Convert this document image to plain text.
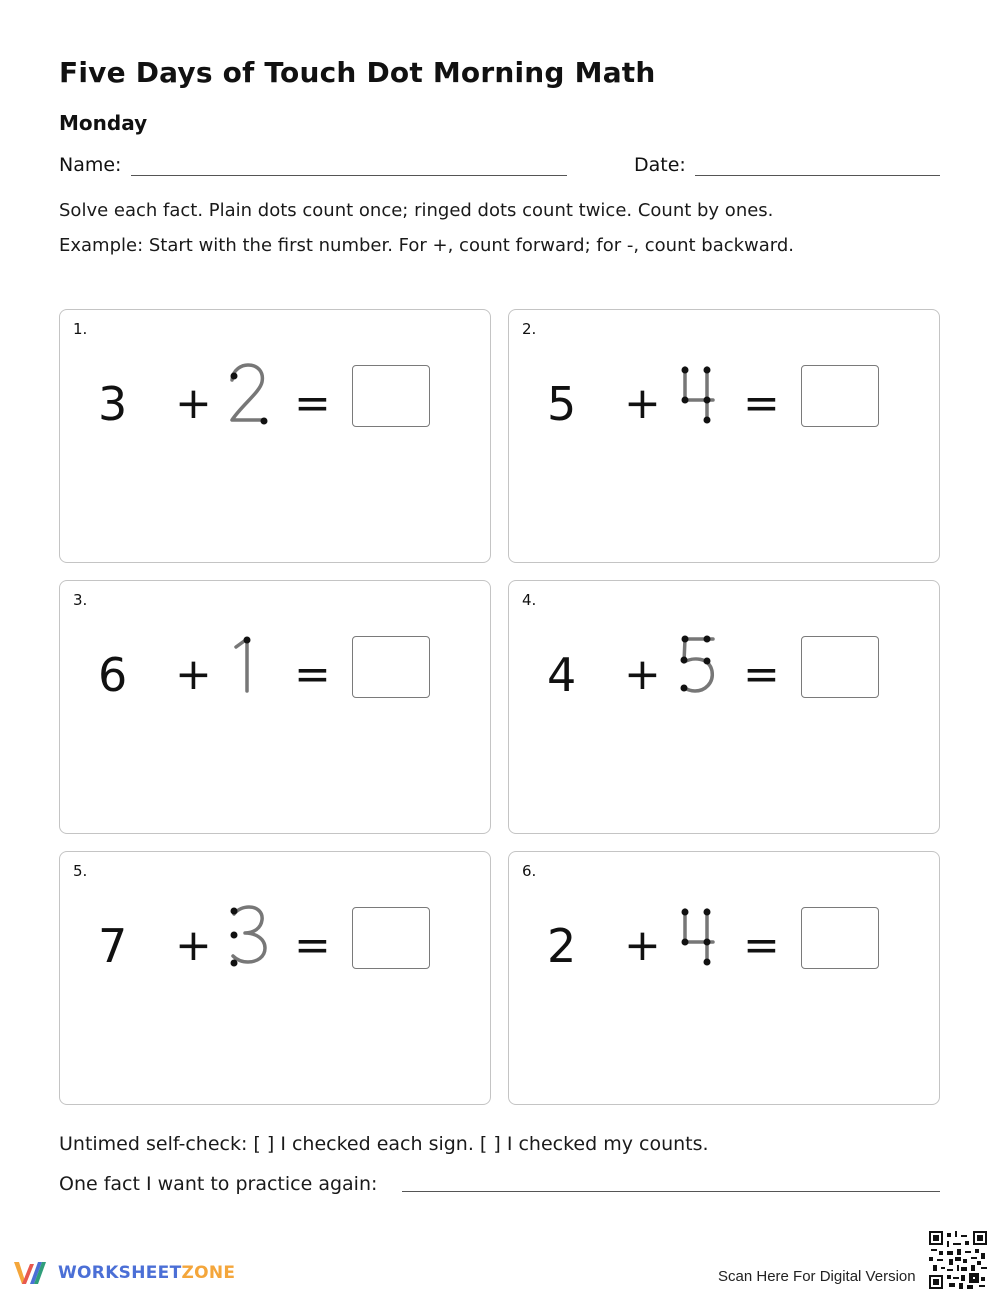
Five Days of Touch Dot Morning Math
Monday
Name:	Date:
Solve each fact. Plain dots count once; ringed dots count twice. Count by ones.
Example: Start with the first number. For +, count forward; for -, count backward.
1.
3 + =
2.
5 + =
3.
6 + =
4.
4 + =
5.
7 + =
6.
2 + =
Untimed self-check: [ ] I checked each sign. [ ] I checked my counts.
One fact I want to practice again:
WORKSHEETZONE	Scan Here For Digital Version
